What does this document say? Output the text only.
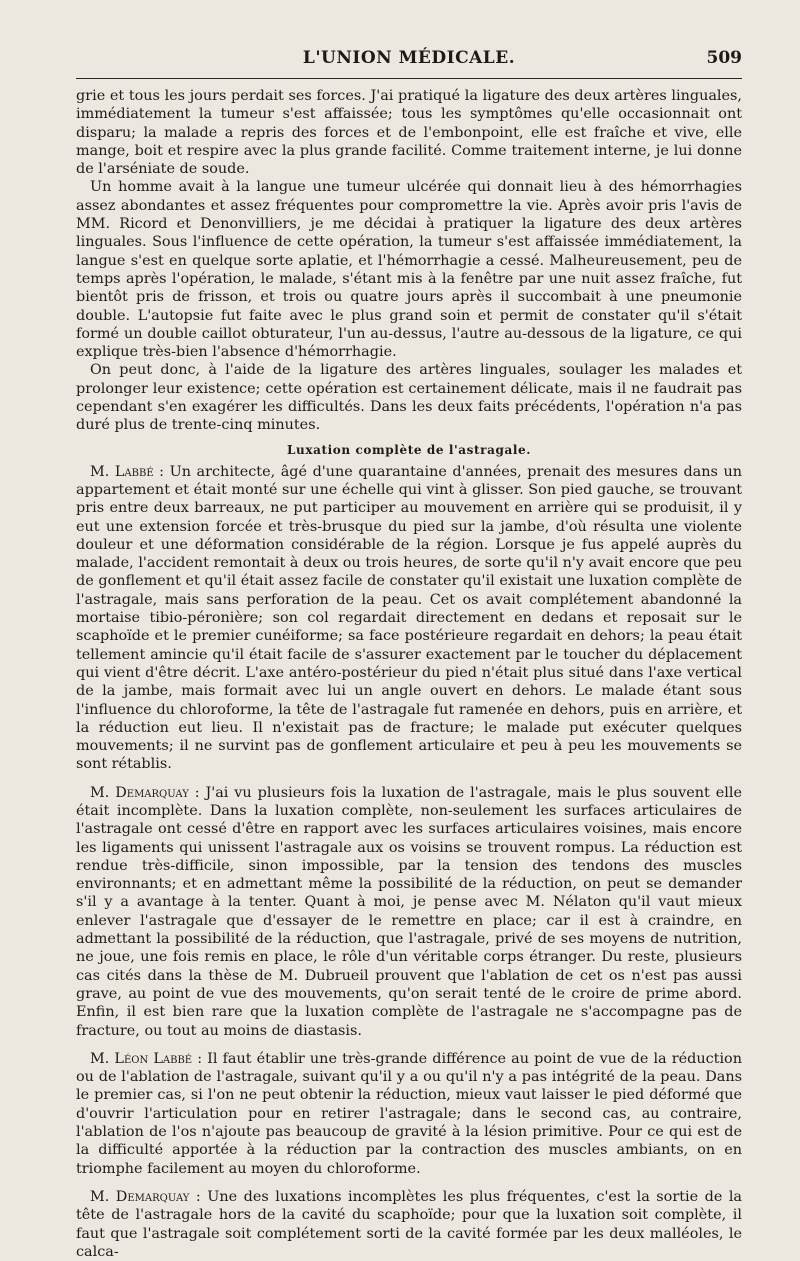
L'UNION MÉDICALE.	509

grie et tous les jours perdait ses forces. J'ai pratiqué la ligature des deux artères linguales, immédiatement la tumeur s'est affaissée; tous les symptômes qu'elle occasionnait ont disparu; la malade a repris des forces et de l'embonpoint, elle est fraîche et vive, elle mange, boit et respire avec la plus grande facilité. Comme traitement interne, je lui donne de l'arséniate de soude.

Un homme avait à la langue une tumeur ulcérée qui donnait lieu à des hémorrhagies assez abondantes et assez fréquentes pour compromettre la vie. Après avoir pris l'avis de MM. Ricord et Denonvilliers, je me décidai à pratiquer la ligature des deux artères linguales. Sous l'influence de cette opération, la tumeur s'est affaissée immédiatement, la langue s'est en quelque sorte aplatie, et l'hémorrhagie a cessé. Malheureusement, peu de temps après l'opération, le malade, s'étant mis à la fenêtre par une nuit assez fraîche, fut bientôt pris de frisson, et trois ou quatre jours après il succombait à une pneumonie double. L'autopsie fut faite avec le plus grand soin et permit de constater qu'il s'était formé un double caillot obturateur, l'un au-dessus, l'autre au-dessous de la ligature, ce qui explique très-bien l'absence d'hémorrhagie.

On peut donc, à l'aide de la ligature des artères linguales, soulager les malades et prolonger leur existence; cette opération est certainement délicate, mais il ne faudrait pas cependant s'en exagérer les difficultés. Dans les deux faits précédents, l'opération n'a pas duré plus de trente-cinq minutes.

Luxation complète de l'astragale.

M. Labbé : Un architecte, âgé d'une quarantaine d'années, prenait des mesures dans un appartement et était monté sur une échelle qui vint à glisser. Son pied gauche, se trouvant pris entre deux barreaux, ne put participer au mouvement en arrière qui se produisit, il y eut une extension forcée et très-brusque du pied sur la jambe, d'où résulta une violente douleur et une déformation considérable de la région. Lorsque je fus appelé auprès du malade, l'accident remontait à deux ou trois heures, de sorte qu'il n'y avait encore que peu de gonflement et qu'il était assez facile de constater qu'il existait une luxation complète de l'astragale, mais sans perforation de la peau. Cet os avait complétement abandonné la mortaise tibio-péronière; son col regardait directement en dedans et reposait sur le scaphoïde et le premier cunéiforme; sa face postérieure regardait en dehors; la peau était tellement amincie qu'il était facile de s'assurer exactement par le toucher du déplacement qui vient d'être décrit. L'axe antéro-postérieur du pied n'était plus situé dans l'axe vertical de la jambe, mais formait avec lui un angle ouvert en dehors. Le malade étant sous l'influence du chloroforme, la tête de l'astragale fut ramenée en dehors, puis en arrière, et la réduction eut lieu. Il n'existait pas de fracture; le malade put exécuter quelques mouvements; il ne survint pas de gonflement articulaire et peu à peu les mouvements se sont rétablis.

M. Demarquay : J'ai vu plusieurs fois la luxation de l'astragale, mais le plus souvent elle était incomplète. Dans la luxation complète, non-seulement les surfaces articulaires de l'astragale ont cessé d'être en rapport avec les surfaces articulaires voisines, mais encore les ligaments qui unissent l'astragale aux os voisins se trouvent rompus. La réduction est rendue très-difficile, sinon impossible, par la tension des tendons des muscles environnants; et en admettant même la possibilité de la réduction, on peut se demander s'il y a avantage à la tenter. Quant à moi, je pense avec M. Nélaton qu'il vaut mieux enlever l'astragale que d'essayer de le remettre en place; car il est à craindre, en admettant la possibilité de la réduction, que l'astragale, privé de ses moyens de nutrition, ne joue, une fois remis en place, le rôle d'un véritable corps étranger. Du reste, plusieurs cas cités dans la thèse de M. Dubrueil prouvent que l'ablation de cet os n'est pas aussi grave, au point de vue des mouvements, qu'on serait tenté de le croire de prime abord. Enfin, il est bien rare que la luxation complète de l'astragale ne s'accompagne pas de fracture, ou tout au moins de diastasis.

M. Léon Labbé : Il faut établir une très-grande différence au point de vue de la réduction ou de l'ablation de l'astragale, suivant qu'il y a ou qu'il n'y a pas intégrité de la peau. Dans le premier cas, si l'on ne peut obtenir la réduction, mieux vaut laisser le pied déformé que d'ouvrir l'articulation pour en retirer l'astragale; dans le second cas, au contraire, l'ablation de l'os n'ajoute pas beaucoup de gravité à la lésion primitive. Pour ce qui est de la difficulté apportée à la réduction par la contraction des muscles ambiants, on en triomphe facilement au moyen du chloroforme.

M. Demarquay : Une des luxations incomplètes les plus fréquentes, c'est la sortie de la tête de l'astragale hors de la cavité du scaphoïde; pour que la luxation soit complète, il faut que l'astragale soit complétement sorti de la cavité formée par les deux malléoles, le calca-
